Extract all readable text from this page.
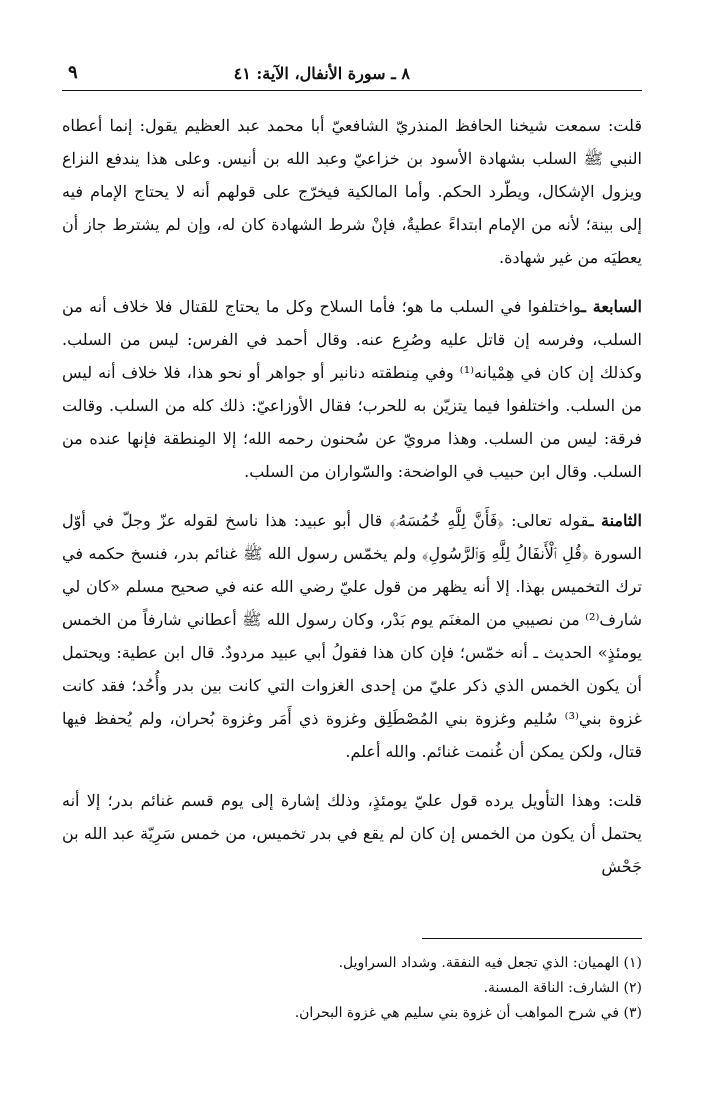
٨ ـ سورة الأنفال، الآية: ٤١
٩

قلت: سمعت شيخنا الحافظ المنذريّ الشافعيّ أبا محمد عبد العظيم يقول: إنما أعطاه النبي ﷺ السلب بشهادة الأسود بن خزاعيّ وعبد الله بن أنيس. وعلى هذا يندفع النزاع ويزول الإشكال، ويطّرد الحكم. وأما المالكية فيخرّج على قولهم أنه لا يحتاج الإمام فيه إلى بينة؛ لأنه من الإمام ابتداءً عطيةٌ، فإنْ شرط الشهادة كان له، وإن لم يشترط جاز أن يعطيَه من غير شهادة.

السابعة ـواختلفوا في السلب ما هو؛ فأما السلاح وكل ما يحتاج للقتال فلا خلاف أنه من السلب، وفرسه إن قاتل عليه وصُرِع عنه. وقال أحمد في الفرس: ليس من السلب. وكذلك إن كان في هِمْيانه⁽¹⁾ وفي مِنطقته دنانير أو جواهر أو نحو هذا، فلا خلاف أنه ليس من السلب. واختلفوا فيما يتزيّن به للحرب؛ فقال الأوزاعيّ: ذلك كله من السلب. وقالت فرقة: ليس من السلب. وهذا مرويّ عن سُحنون رحمه الله؛ إلا المِنطقة فإنها عنده من السلب. وقال ابن حبيب في الواضحة: والسّواران من السلب.

الثامنة ـقوله تعالى: ﴿فَأَنَّ لِلَّهِ خُمُسَهُۥ﴾ قال أبو عبيد: هذا ناسخ لقوله عزّ وجلّ في أوّل السورة ﴿قُلِ ٱلْأَنفَالُ لِلَّهِ وَٱلرَّسُولِ﴾ ولم يخمّس رسول الله ﷺ غنائم بدر، فنسخ حكمه في ترك التخميس بهذا. إلا أنه يظهر من قول عليّ رضي الله عنه في صحيح مسلم «كان لي شارف⁽²⁾ من نصيبي من المغنَم يوم بَدْر، وكان رسول الله ﷺ أعطاني شارفاً من الخمس يومئذٍ» الحديث ـ أنه خمّس؛ فإن كان هذا فقولُ أبي عبيد مردودٌ. قال ابن عطية: ويحتمل أن يكون الخمس الذي ذكر عليّ من إحدى الغزوات التي كانت بين بدر وأُحُد؛ فقد كانت غزوة بني⁽³⁾ سُليم وغزوة بني المُصْطَلِق وغزوة ذي أَمَر وغزوة بُحران، ولم يُحفظ فيها قتال، ولكن يمكن أن غُنمت غنائم. والله أعلم.

قلت: وهذا التأويل يرده قول عليّ يومئذٍ، وذلك إشارة إلى يوم قسم غنائم بدر؛ إلا أنه يحتمل أن يكون من الخمس إن كان لم يقع في بدر تخميس، من خمس سَرِيّة عبد الله بن جَحْش

(١) الهميان: الذي تجعل فيه النفقة. وشداد السراويل.

(٢) الشارف: الناقة المسنة.

(٣) في شرح المواهب أن غزوة بني سليم هي غزوة البحران.
